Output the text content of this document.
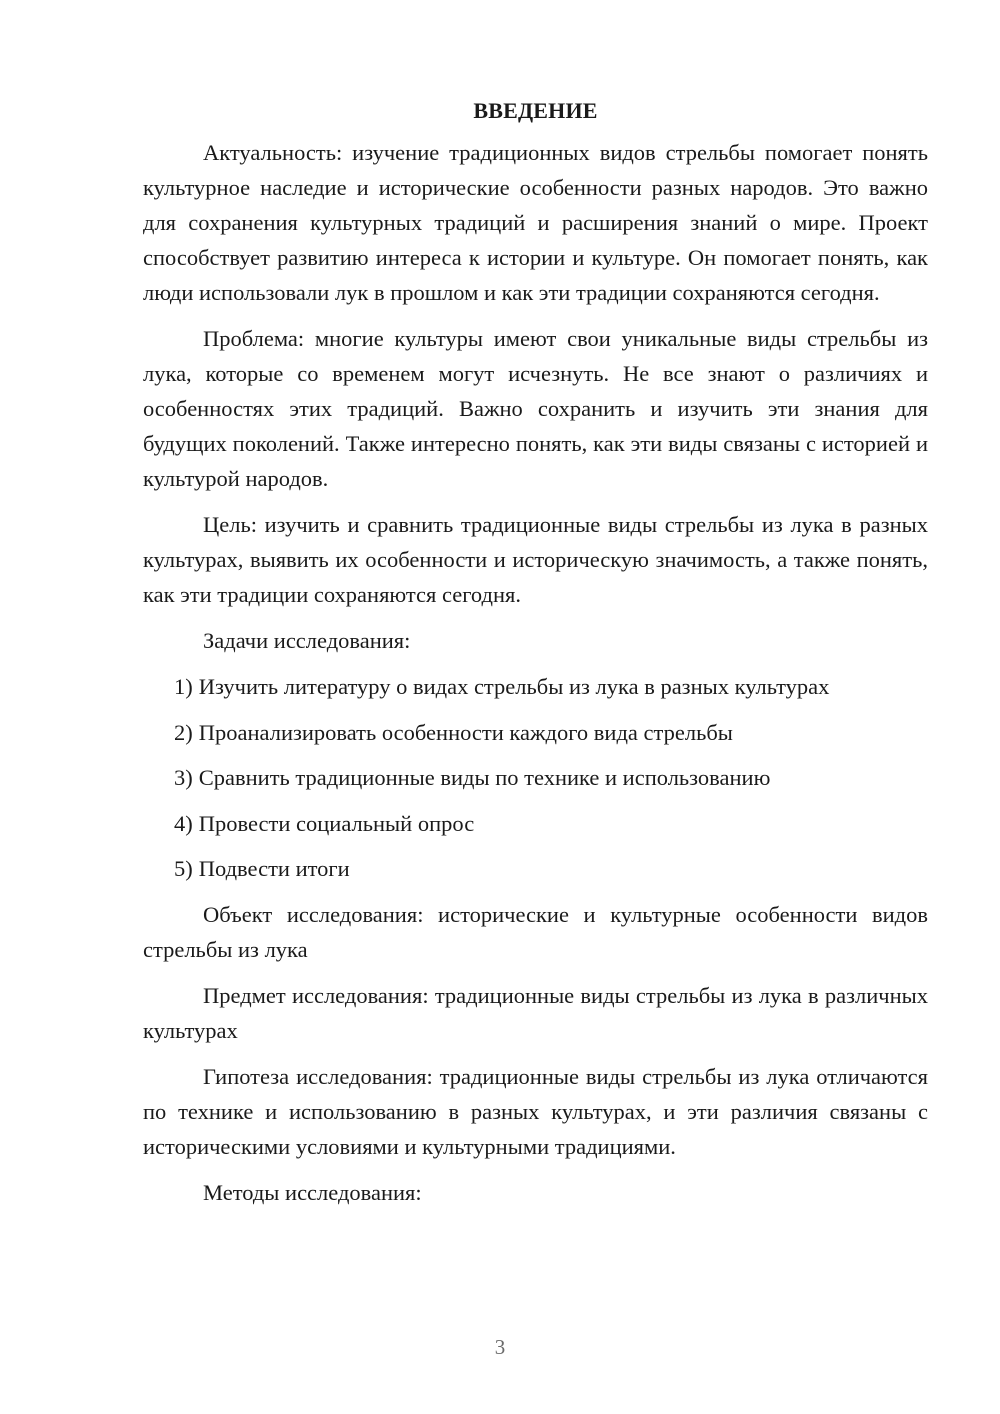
ВВЕДЕНИЕ

Актуальность: изучение традиционных видов стрельбы помогает понять культурное наследие и исторические особенности разных народов. Это важно для сохранения культурных традиций и расширения знаний о мире. Проект способствует развитию интереса к истории и культуре. Он помогает понять, как люди использовали лук в прошлом и как эти традиции сохраняются сегодня.

Проблема: многие культуры имеют свои уникальные виды стрельбы из лука, которые со временем могут исчезнуть. Не все знают о различиях и особенностях этих традиций. Важно сохранить и изучить эти знания для будущих поколений. Также интересно понять, как эти виды связаны с историей и культурой народов.

Цель: изучить и сравнить традиционные виды стрельбы из лука в разных культурах, выявить их особенности и историческую значимость, а также понять, как эти традиции сохраняются сегодня.

Задачи исследования:

1) Изучить литературу о видах стрельбы из лука в разных культурах
2) Проанализировать особенности каждого вида стрельбы
3) Сравнить традиционные виды по технике и использованию
4) Провести социальный опрос
5) Подвести итоги

Объект исследования: исторические и культурные особенности видов стрельбы из лука

Предмет исследования: традиционные виды стрельбы из лука в различных культурах

Гипотеза исследования: традиционные виды стрельбы из лука отличаются по технике и использованию в разных культурах, и эти различия связаны с историческими условиями и культурными традициями.

Методы исследования:

3
